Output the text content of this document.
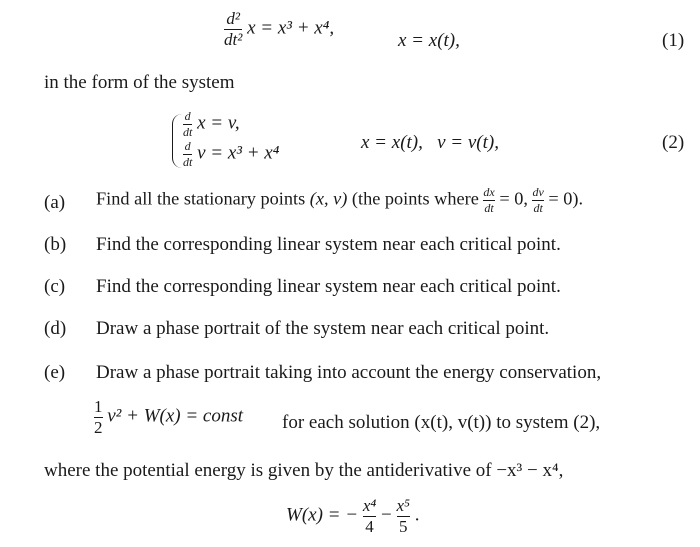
$\frac{\text{d²}}{\text{dt²}}$ x = x³ + x⁴,
x = x(t),	(1)
in the form of the system
$\frac{d}{dt}$ x = v,
$\frac{d}{dt}$ v = x³ + x⁴	x = x(t),   v = v(t),	(2)
(a) Find all the stationary points (x, v) (the points where $\frac{dx}{dt} = 0$, $\frac{dv}{dt} = 0$).
(b) Find the corresponding linear system near each critical point.
(c) Find the corresponding linear system near each critical point.
(d) Draw a phase portrait of the system near each critical point.
(e) Draw a phase portrait taking into account the energy conservation,
$\frac{1}{2} v^2 + W(x)$ = const for each solution (x(t), v(t)) to system (2),
where the potential energy is given by the antiderivative of −x³ − x⁴,
W(x) = − $\frac{\text{x⁴}}{4} - \frac{\text{x⁵}}{5}$ .
